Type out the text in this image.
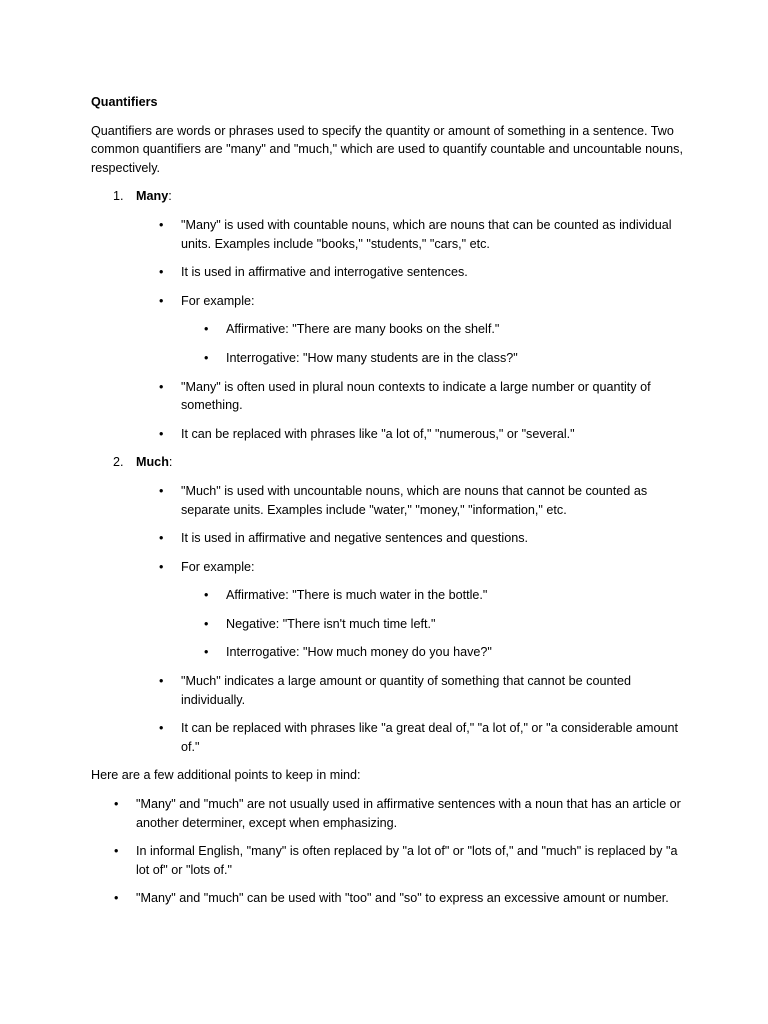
Quantifiers

Quantifiers are words or phrases used to specify the quantity or amount of something in a sentence. Two common quantifiers are "many" and "much," which are used to quantify countable and uncountable nouns, respectively.

1. Many:
• "Many" is used with countable nouns, which are nouns that can be counted as individual units. Examples include "books," "students," "cars," etc.
• It is used in affirmative and interrogative sentences.
• For example:
• Affirmative: "There are many books on the shelf."
• Interrogative: "How many students are in the class?"
• "Many" is often used in plural noun contexts to indicate a large number or quantity of something.
• It can be replaced with phrases like "a lot of," "numerous," or "several."
2. Much:
• "Much" is used with uncountable nouns, which are nouns that cannot be counted as separate units. Examples include "water," "money," "information," etc.
• It is used in affirmative and negative sentences and questions.
• For example:
• Affirmative: "There is much water in the bottle."
• Negative: "There isn't much time left."
• Interrogative: "How much money do you have?"
• "Much" indicates a large amount or quantity of something that cannot be counted individually.
• It can be replaced with phrases like "a great deal of," "a lot of," or "a considerable amount of."

Here are a few additional points to keep in mind:

• "Many" and "much" are not usually used in affirmative sentences with a noun that has an article or another determiner, except when emphasizing.
• In informal English, "many" is often replaced by "a lot of" or "lots of," and "much" is replaced by "a lot of" or "lots of."
• "Many" and "much" can be used with "too" and "so" to express an excessive amount or number.
